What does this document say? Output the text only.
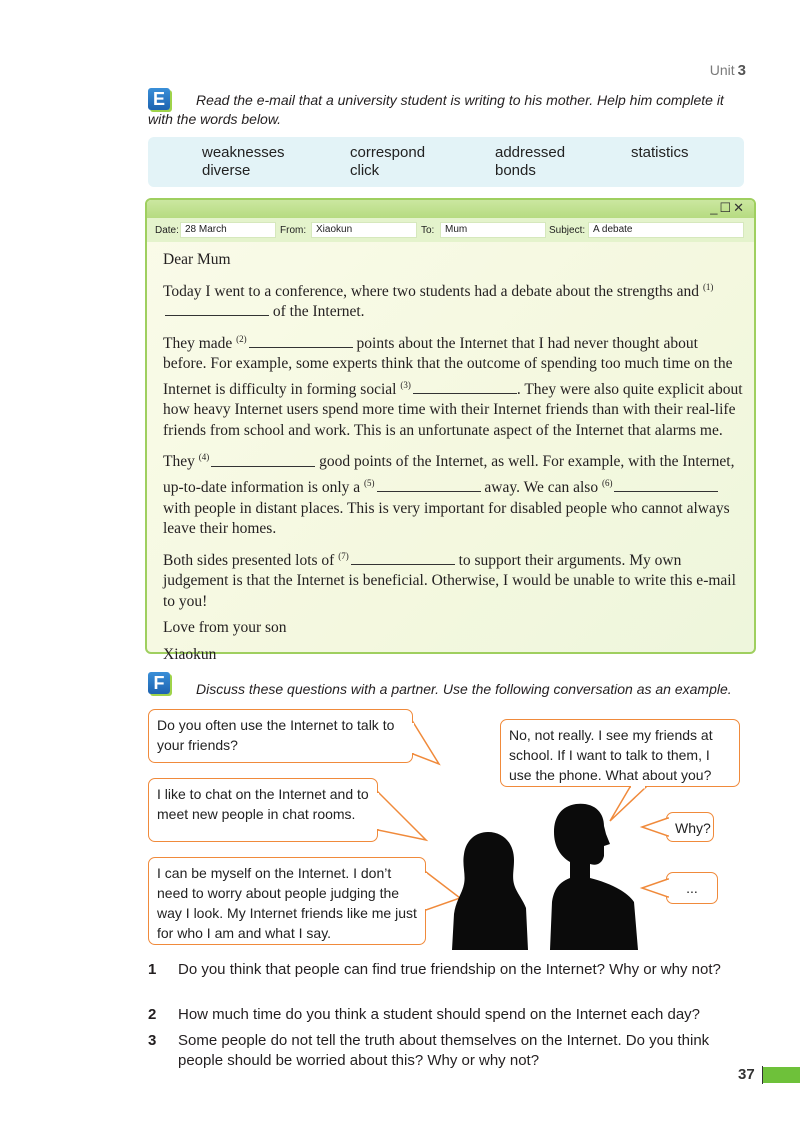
Unit 3
E	Read the e-mail that a university student is writing to his mother. Help him complete it with the words below.
weaknesses	correspond	addressed	statistics
diverse	click	bonds
_☐✕
Date: 28 March	From: Xiaokun	To:	Mum	Subject: A debate

Dear Mum

Today I went to a conference, where two students had a debate about the strengths and $^{(1)}$ of the Internet.

They made $^{(2)}$	points about the Internet that I had never thought about before. For example, some experts think that the outcome of spending too much time on the Internet is difficulty in forming social $^{(3)}$	. They were also quite explicit about how heavy Internet users spend more time with their Internet friends than with their real-life friends from school and work. This is an unfortunate aspect of the Internet that alarms me.

They $^{(4)}$	good points of the Internet, as well. For example, with the Internet, up-to-date information is only a $^{(5)}$	away. We can also $^{(6)}$ with people in distant places. This is very important for disabled people who cannot always leave their homes.

Both sides presented lots of $^{(7)}$	to support their arguments. My own judgement is that the Internet is beneficial. Otherwise, I would be unable to write this e-mail to you!

Love from your son

Xiaokun

F	Discuss these questions with a partner. Use the following conversation as an example.
Do you often use the Internet to talk to your friends?
I like to chat on the Internet and to meet new people in chat rooms.
I can be myself on the Internet. I don’t need to worry about people judging the way I look. My Internet friends like me just for who I am and what I say.
No, not really. I see my friends at school. If I want to talk to them, I use the phone. What about you?
Why?
...
1 Do you think that people can find true friendship on the Internet? Why or why not?
2 How much time do you think a student should spend on the Internet each day?
3 Some people do not tell the truth about themselves on the Internet. Do you think people should be worried about this? Why or why not?
37
